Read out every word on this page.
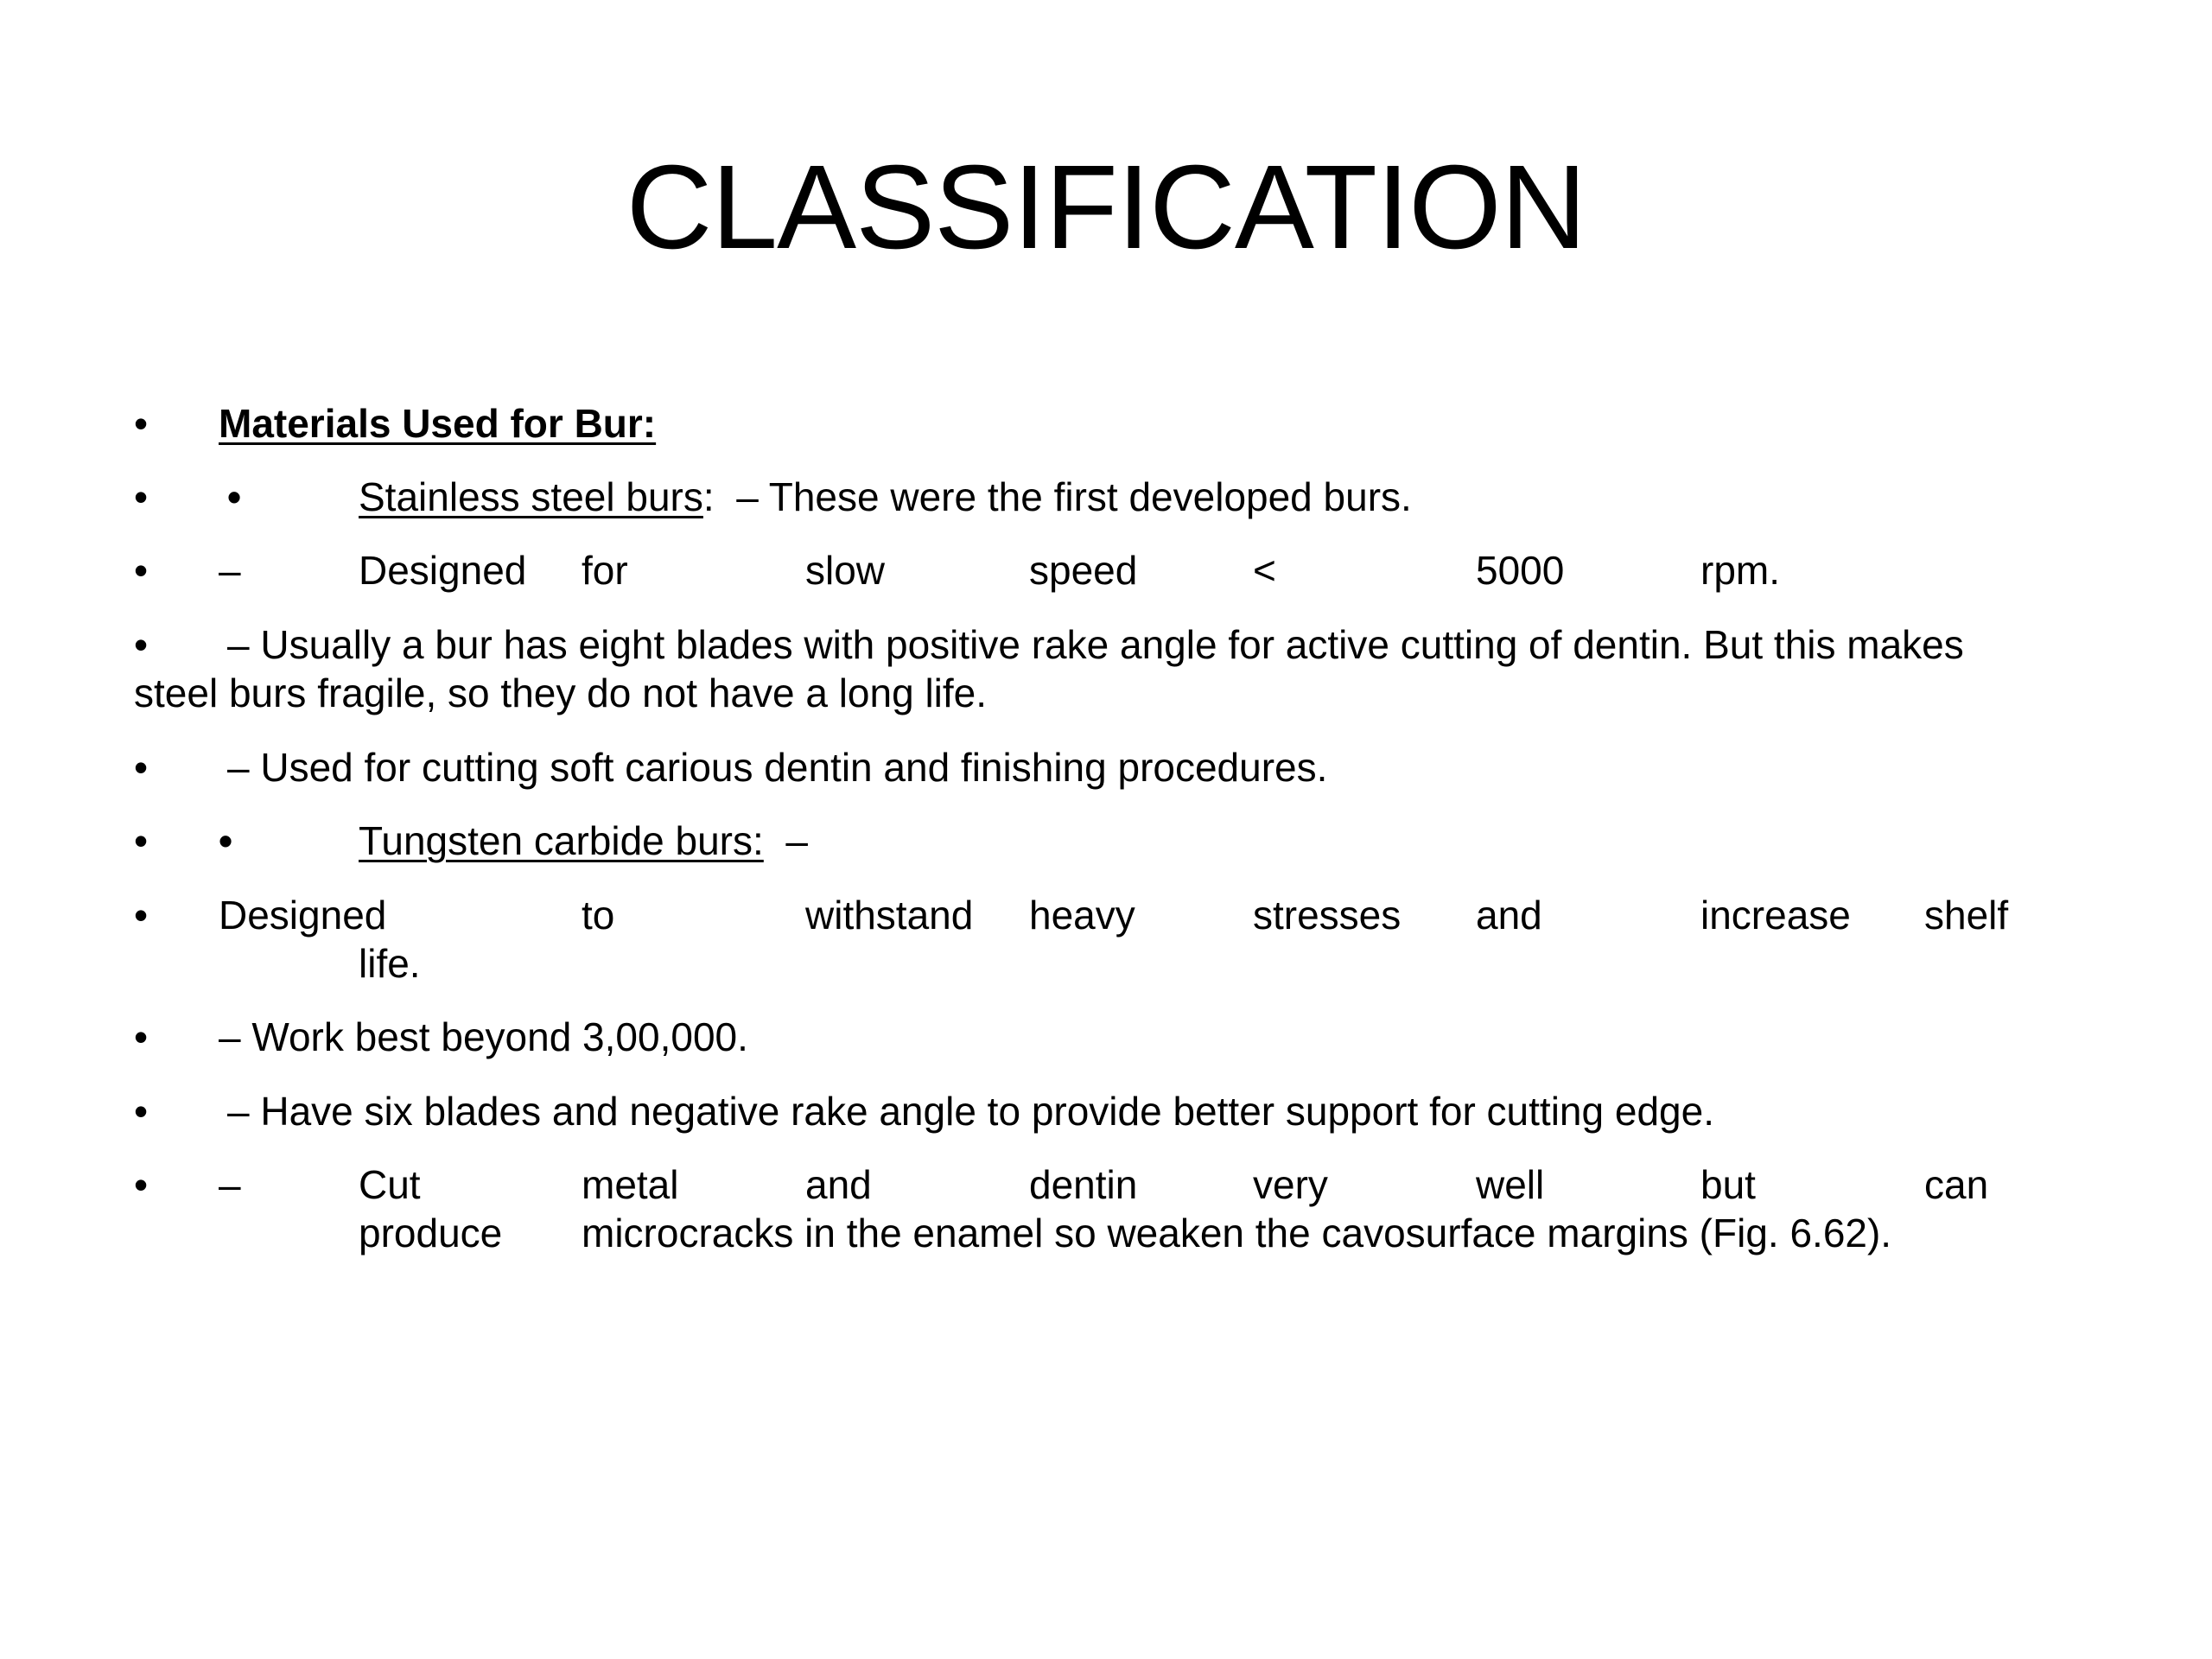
CLASSIFICATION
• Materials Used for Bur:
• •	Stainless steel burs: – These were the first developed burs.
• –	Designed for	slow	speed	<	5000	rpm.
• – Usually a bur has eight blades with positive rake angle for active cutting of dentin. But this makes
steel burs fragile, so they do not have a long life.
• – Used for cutting soft carious dentin and finishing procedures.
• •	Tungsten carbide burs: –
• Designed	to	withstand heavy	stresses and	increase shelf
life.
• – Work best beyond 3,00,000.
• – Have six blades and negative rake angle to provide better support for cutting edge.
• –	Cut	metal	and	dentin	very	well	but	can
produce microcracks in the enamel so weaken the cavosurface margins (Fig. 6.62).
